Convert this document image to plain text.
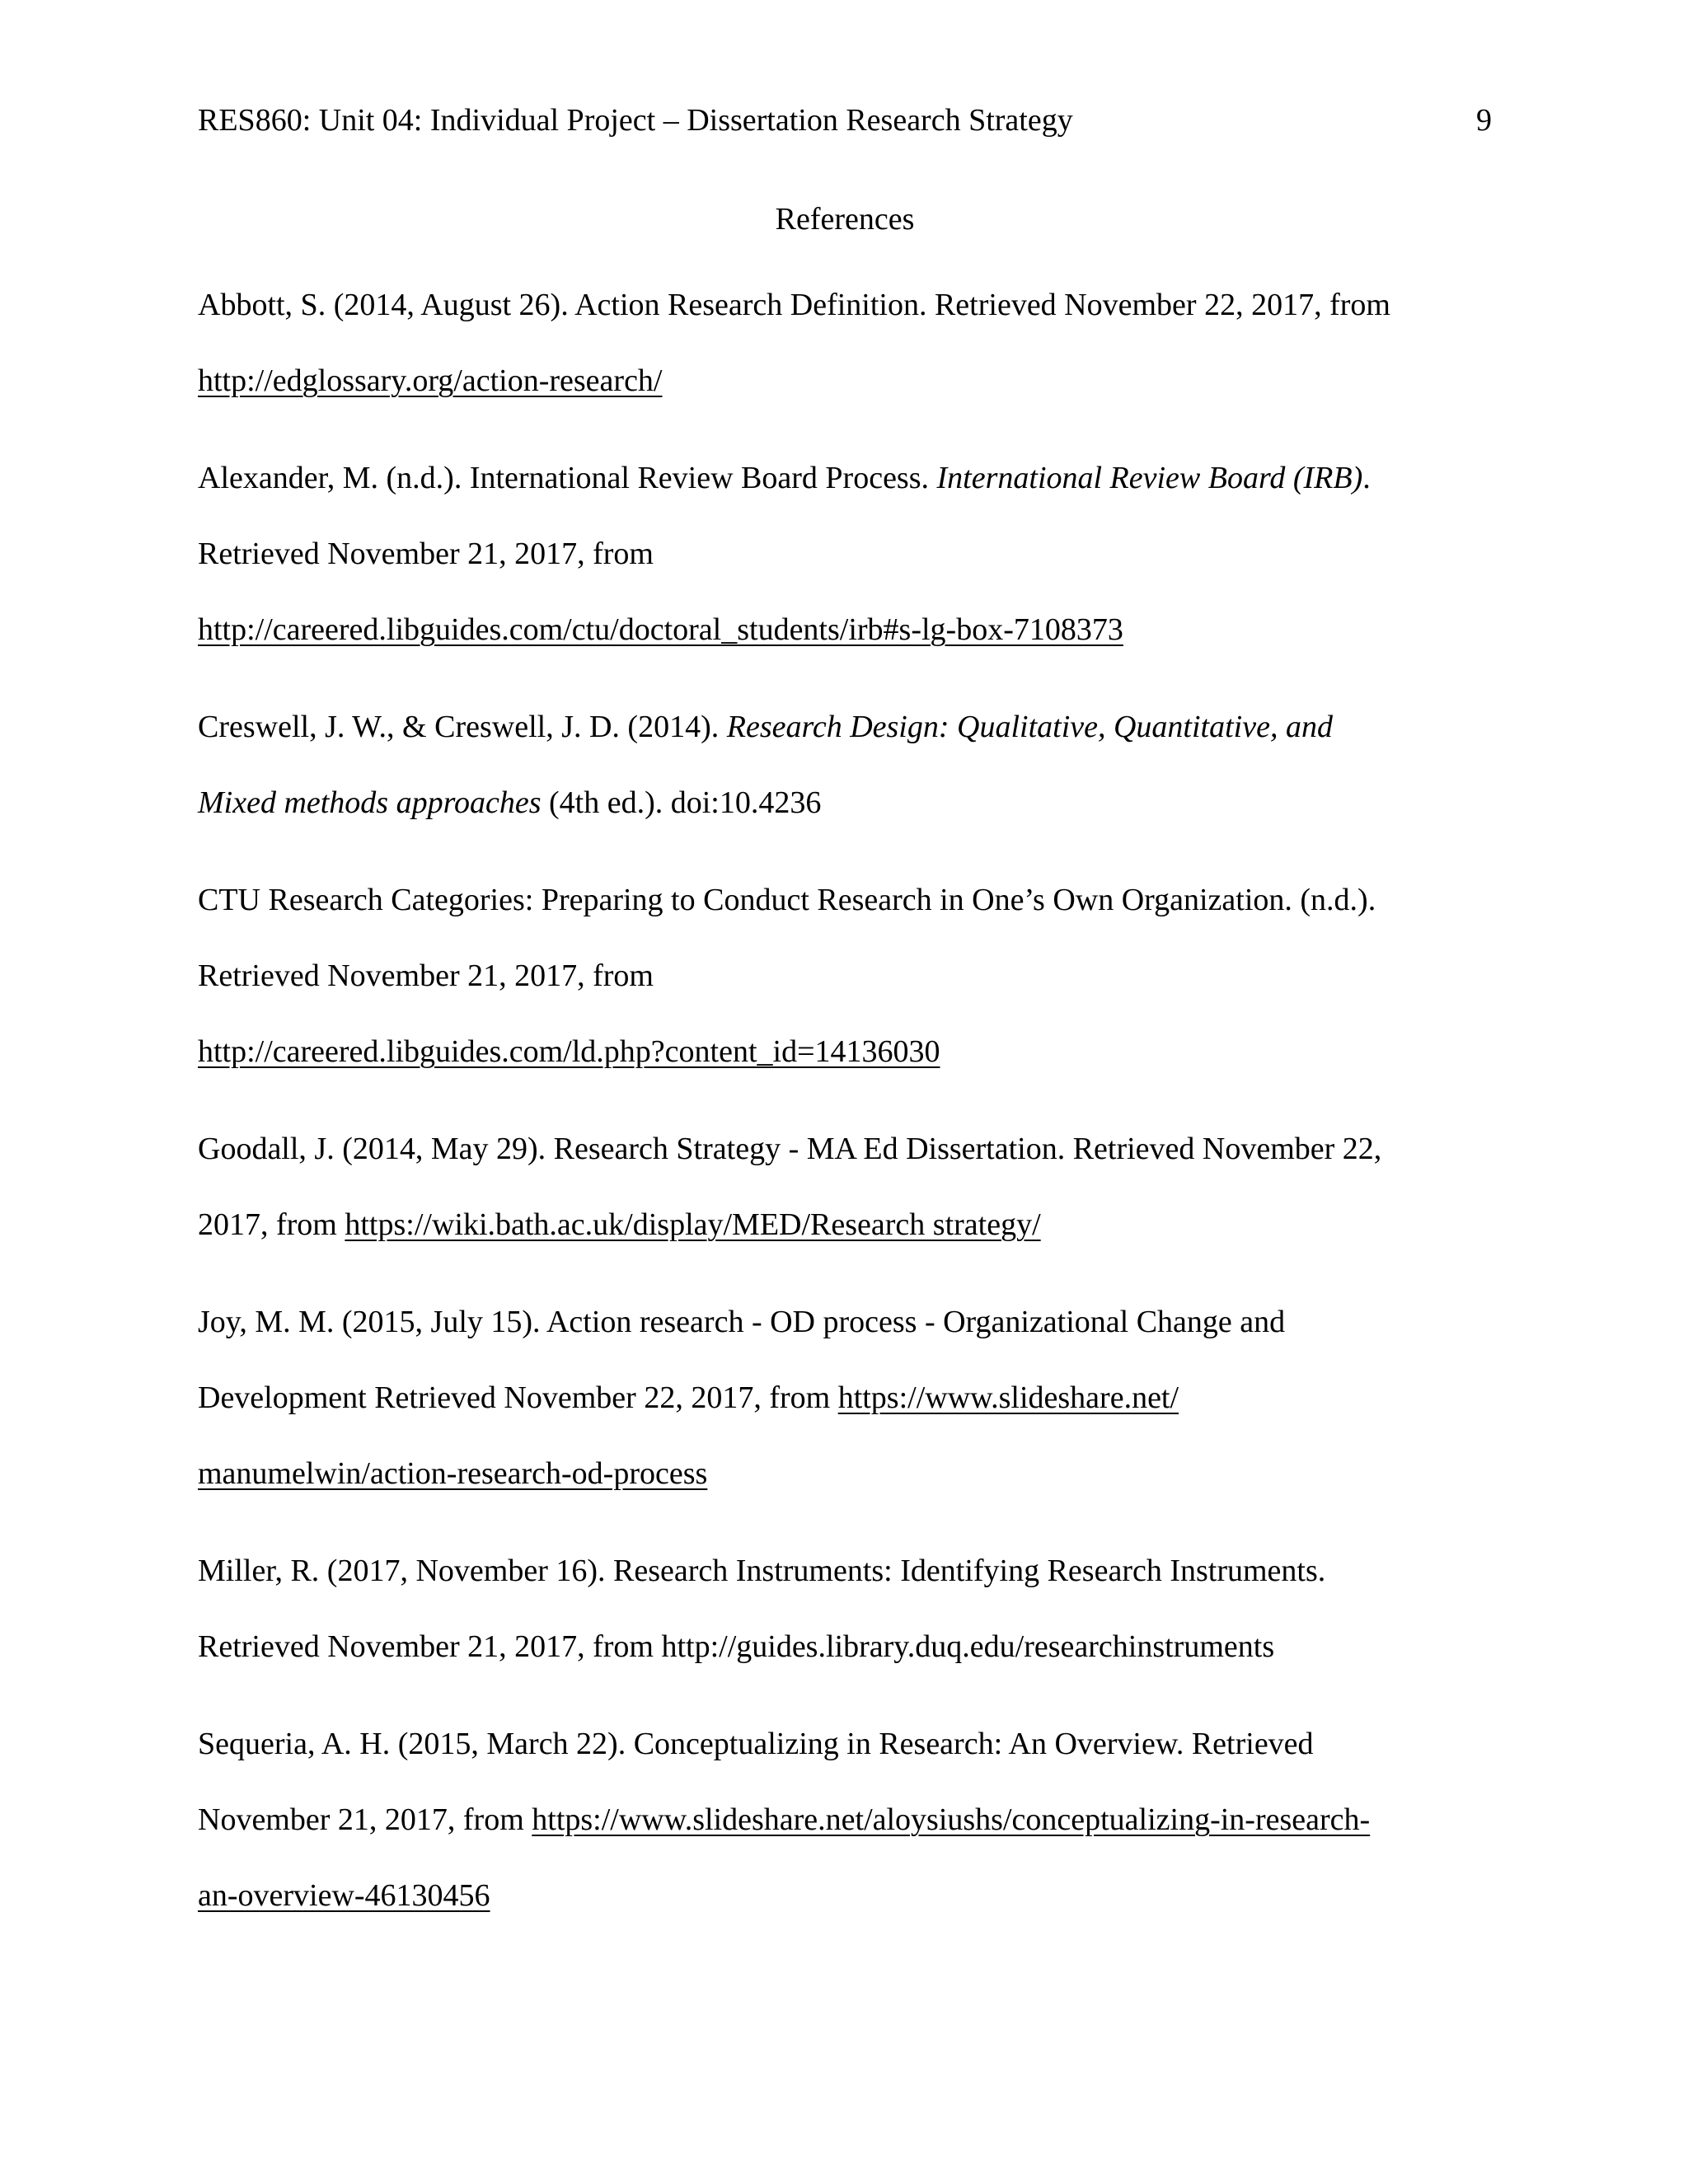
RES860: Unit 04: Individual Project – Dissertation Research Strategy	9
References
Abbott, S. (2014, August 26). Action Research Definition. Retrieved November 22, 2017, from
http://edglossary.org/action-research/
Alexander, M. (n.d.). International Review Board Process. International Review Board (IRB).
Retrieved November 21, 2017, from
http://careered.libguides.com/ctu/doctoral_students/irb#s-lg-box-7108373
Creswell, J. W., & Creswell, J. D. (2014). Research Design: Qualitative, Quantitative, and
Mixed methods approaches (4th ed.). doi:10.4236
CTU Research Categories: Preparing to Conduct Research in One’s Own Organization. (n.d.).
Retrieved November 21, 2017, from
http://careered.libguides.com/ld.php?content_id=14136030
Goodall, J. (2014, May 29). Research Strategy - MA Ed Dissertation. Retrieved November 22,
2017, from https://wiki.bath.ac.uk/display/MED/Research strategy/
Joy, M. M. (2015, July 15). Action research - OD process - Organizational Change and
Development Retrieved November 22, 2017, from https://www.slideshare.net/
manumelwin/action-research-od-process
Miller, R. (2017, November 16). Research Instruments: Identifying Research Instruments.
Retrieved November 21, 2017, from http://guides.library.duq.edu/researchinstruments
Sequeria, A. H. (2015, March 22). Conceptualizing in Research: An Overview. Retrieved
November 21, 2017, from https://www.slideshare.net/aloysiushs/conceptualizing-in-research-
an-overview-46130456
